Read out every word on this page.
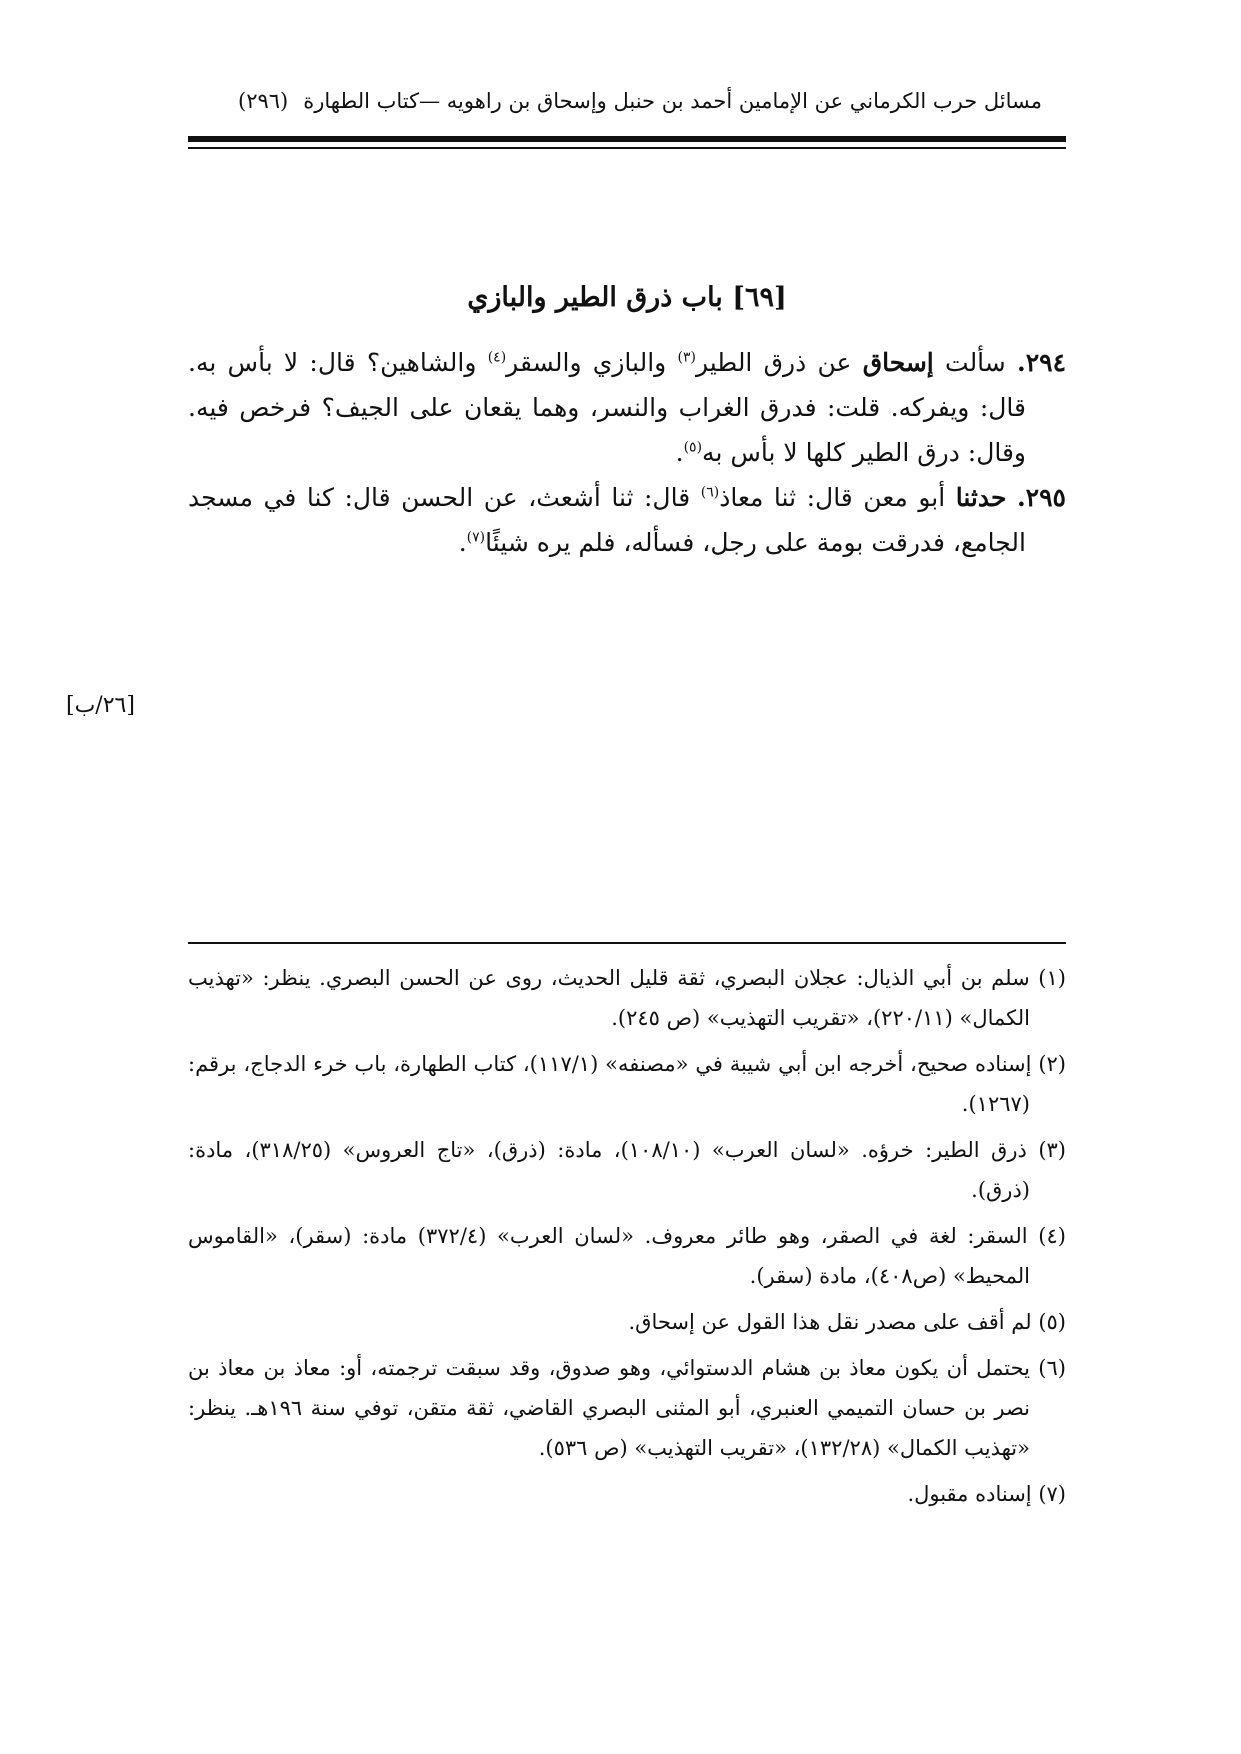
مسائل حرب الكرماني عن الإمامين أحمد بن حنبل وإسحاق بن راهويه —كتاب الطهارة
(٢٩٦)
[٦٩] باب ذرق الطير والبازي

٢٩٤. سألت إسحاق عن ذرق الطير$^{(٣)}$ والبازي والسقر$^{(٤)}$ والشاهين؟ قال: لا بأس به. قال: ويفركه. قلت: فدرق الغراب والنسر، وهما يقعان على الجيف؟ فرخص فيه. وقال: درق الطير كلها لا بأس به$^{(٥)}$.

٢٩٥. حدثنا أبو معن قال: ثنا معاذ$^{(٦)}$ قال: ثنا أشعث، عن الحسن قال: كنا في مسجد الجامع، فدرقت بومة على رجل، فسأله، فلم يره شيئًا$^{(٧)}$.

[٢٦/ب]

(١) سلم بن أبي الذيال: عجلان البصري، ثقة قليل الحديث، روى عن الحسن البصري. ينظر: «تهذيب الكمال» (٢٢٠/١١)، «تقريب التهذيب» (ص ٢٤٥).

(٢) إسناده صحيح، أخرجه ابن أبي شيبة في «مصنفه» (١١٧/١)، كتاب الطهارة، باب خرء الدجاج، برقم: (١٢٦٧).

(٣) ذرق الطير: خرؤه. «لسان العرب» (١٠٨/١٠)، مادة: (ذرق)، «تاج العروس» (٣١٨/٢٥)، مادة: (ذرق).

(٤) السقر: لغة في الصقر، وهو طائر معروف. «لسان العرب» (٣٧٢/٤) مادة: (سقر)، «القاموس المحيط» (ص٤٠٨)، مادة (سقر).

(٥) لم أقف على مصدر نقل هذا القول عن إسحاق.

(٦) يحتمل أن يكون معاذ بن هشام الدستوائي، وهو صدوق، وقد سبقت ترجمته، أو: معاذ بن معاذ بن نصر بن حسان التميمي العنبري، أبو المثنى البصري القاضي، ثقة متقن، توفي سنة ١٩٦هـ. ينظر: «تهذيب الكمال» (١٣٢/٢٨)، «تقريب التهذيب» (ص ٥٣٦).

(٧) إسناده مقبول.
